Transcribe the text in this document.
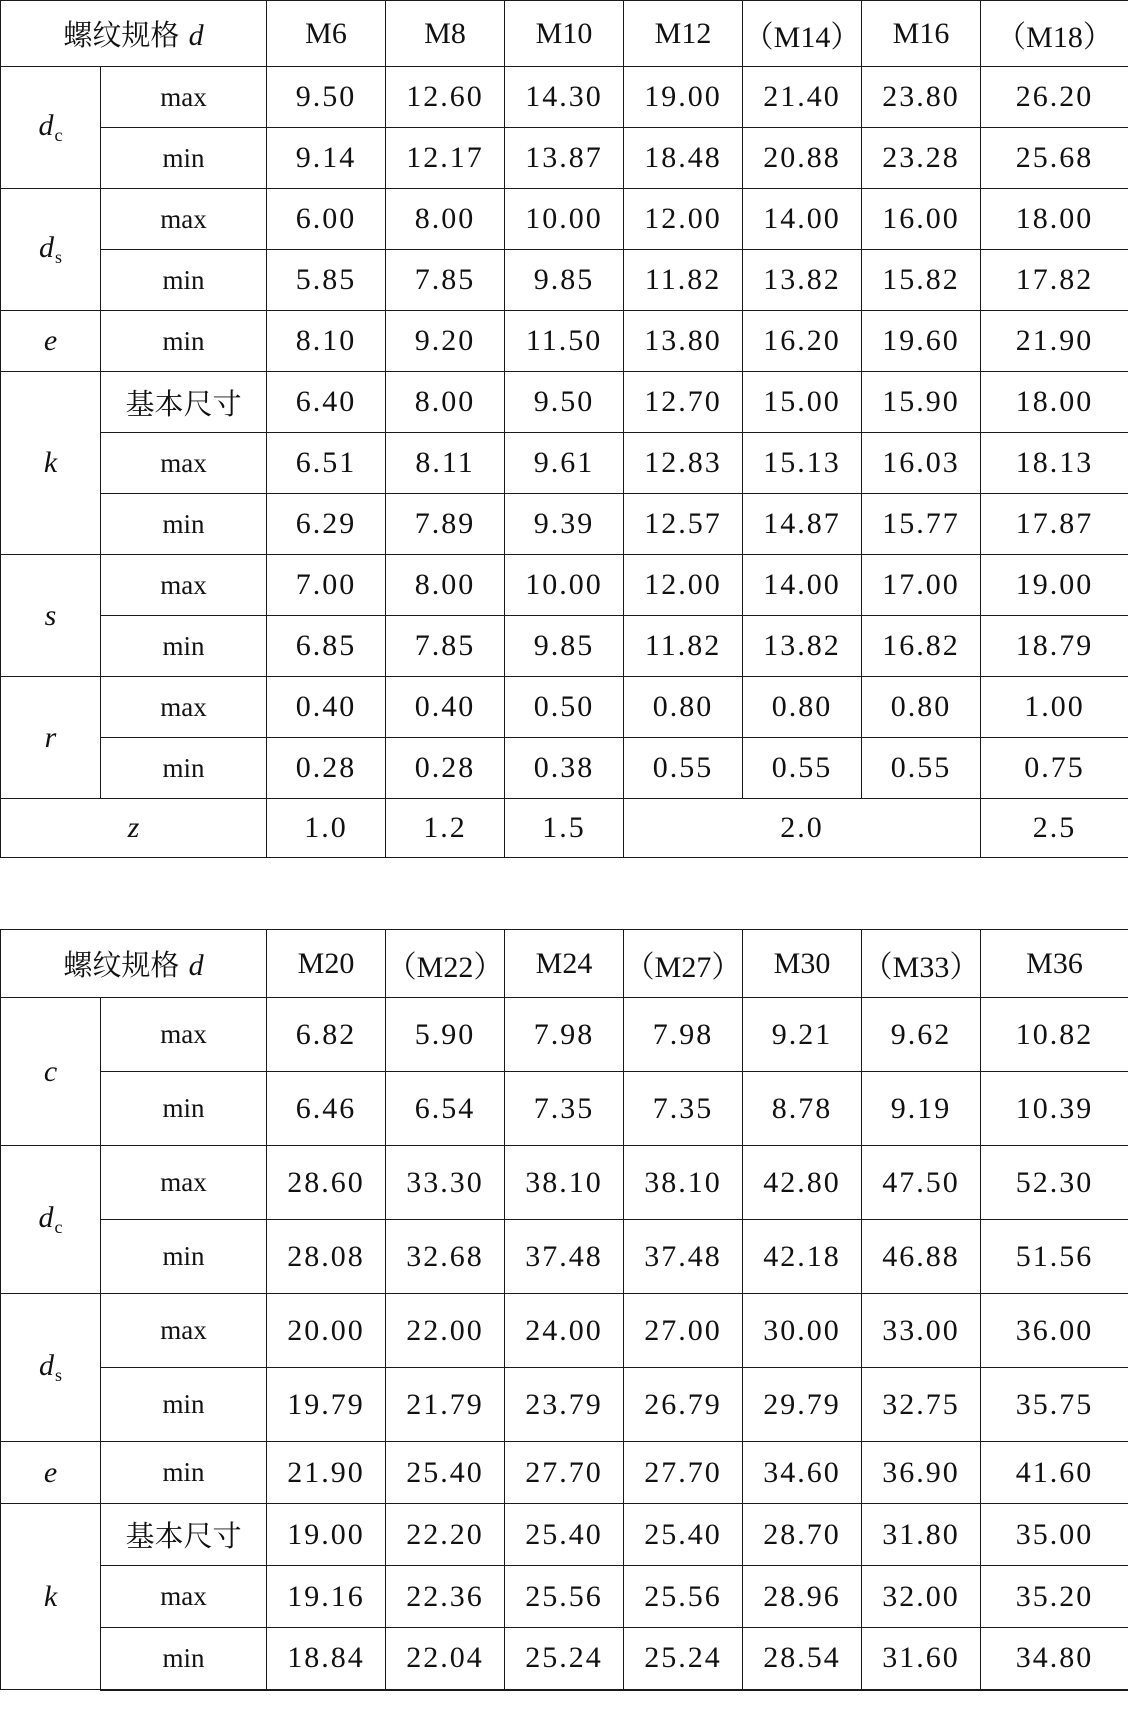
螺纹规格 d		M6	M8	M10	M12	（M14）	M16	（M18）
$d_c$	max	9.50	12.60	14.30	19.00	21.40	23.80	26.20
	min	9.14	12.17	13.87	18.48	20.88	23.28	25.68
$d_s$	max	6.00	8.00	10.00	12.00	14.00	16.00	18.00
	min	5.85	7.85	9.85	11.82	13.82	15.82	17.82
e	min	8.10	9.20	11.50	13.80	16.20	19.60	21.90
k	基本尺寸	6.40	8.00	9.50	12.70	15.00	15.90	18.00
	max	6.51	8.11	9.61	12.83	15.13	16.03	18.13
	min	6.29	7.89	9.39	12.57	14.87	15.77	17.87
s	max	7.00	8.00	10.00	12.00	14.00	17.00	19.00
	min	6.85	7.85	9.85	11.82	13.82	16.82	18.79
r	max	0.40	0.40	0.50	0.80	0.80	0.80	1.00
	min	0.28	0.28	0.38	0.55	0.55	0.55	0.75
z		1.0	1.2	1.5	2.0			2.5
螺纹规格 d		M20	（M22）	M24	（M27）	M30	（M33）	M36
c	max	6.82	5.90	7.98	7.98	9.21	9.62	10.82
	min	6.46	6.54	7.35	7.35	8.78	9.19	10.39
$d_c$	max	28.60	33.30	38.10	38.10	42.80	47.50	52.30
	min	28.08	32.68	37.48	37.48	42.18	46.88	51.56
$d_s$	max	20.00	22.00	24.00	27.00	30.00	33.00	36.00
	min	19.79	21.79	23.79	26.79	29.79	32.75	35.75
e	min	21.90	25.40	27.70	27.70	34.60	36.90	41.60
k	基本尺寸	19.00	22.20	25.40	25.40	28.70	31.80	35.00
	max	19.16	22.36	25.56	25.56	28.96	32.00	35.20
	min	18.84	22.04	25.24	25.24	28.54	31.60	34.80
